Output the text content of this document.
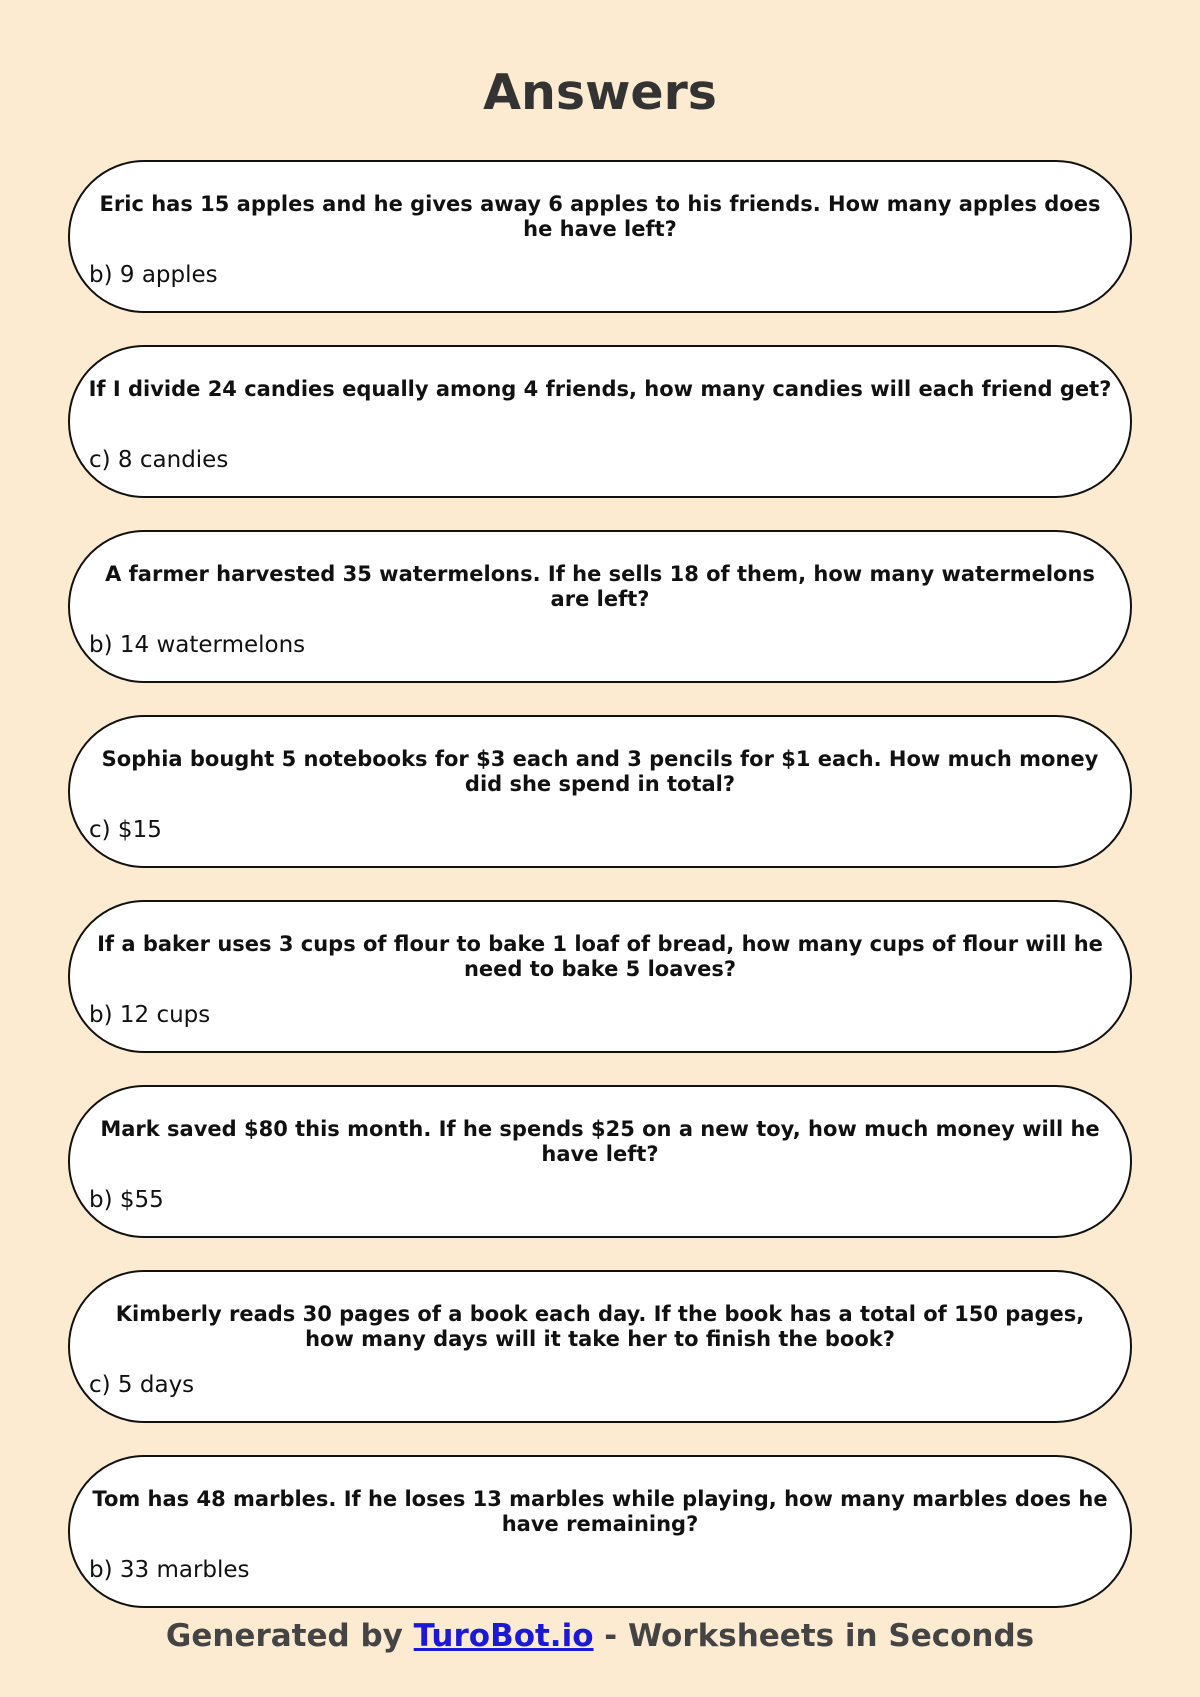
Answers
Eric has 15 apples and he gives away 6 apples to his friends. How many apples does he have left?
b) 9 apples
If I divide 24 candies equally among 4 friends, how many candies will each friend get?
c) 8 candies
A farmer harvested 35 watermelons. If he sells 18 of them, how many watermelons are left?
b) 14 watermelons
Sophia bought 5 notebooks for $3 each and 3 pencils for $1 each. How much money did she spend in total?
c) $15
If a baker uses 3 cups of flour to bake 1 loaf of bread, how many cups of flour will he need to bake 5 loaves?
b) 12 cups
Mark saved $80 this month. If he spends $25 on a new toy, how much money will he have left?
b) $55
Kimberly reads 30 pages of a book each day. If the book has a total of 150 pages, how many days will it take her to finish the book?
c) 5 days
Tom has 48 marbles. If he loses 13 marbles while playing, how many marbles does he have remaining?
b) 33 marbles
Generated by TuroBot.io - Worksheets in Seconds
